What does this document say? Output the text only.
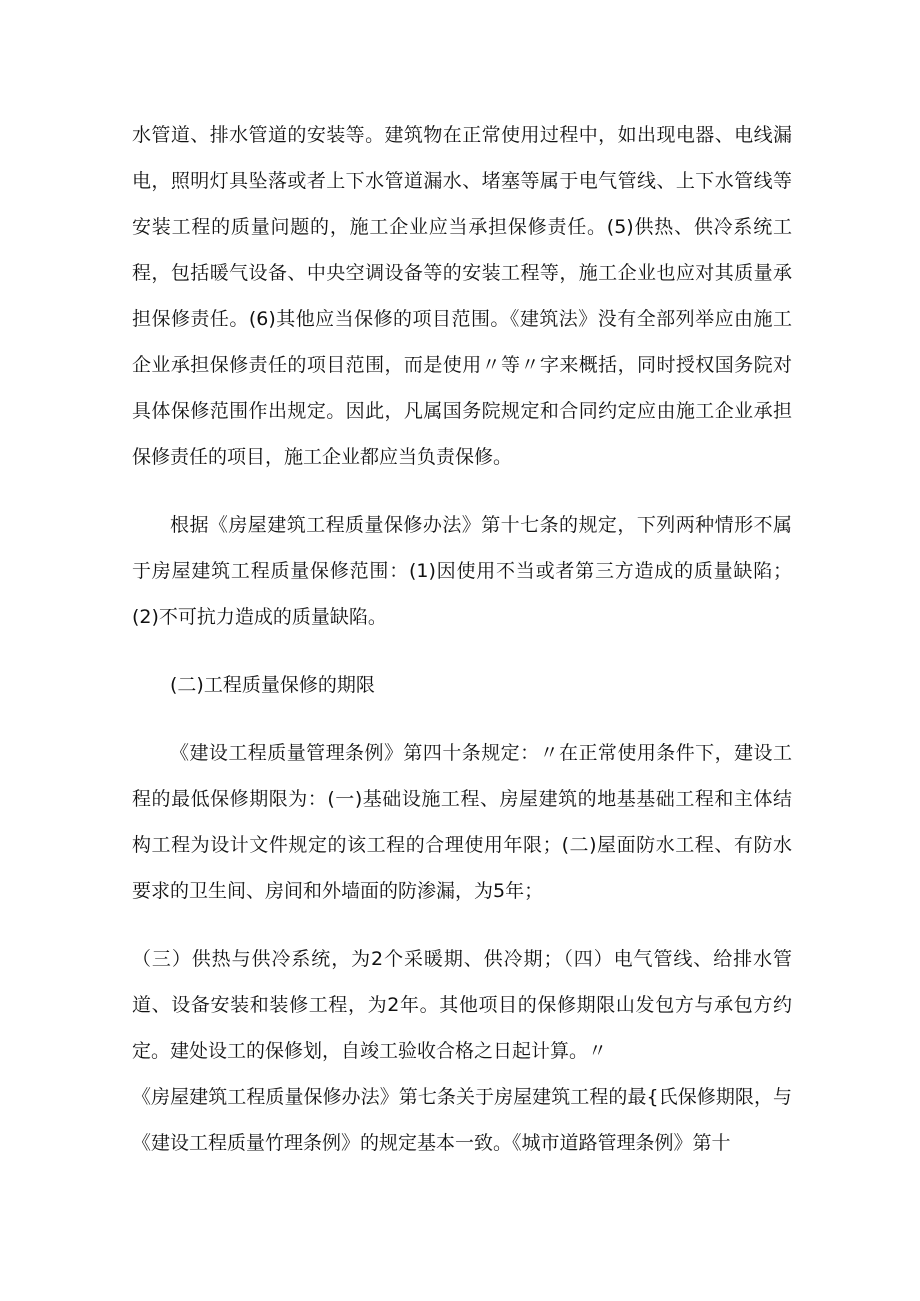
水管道、排水管道的安装等。建筑物在正常使用过程中，如出现电器、电线漏电，照明灯具坠落或者上下水管道漏水、堵塞等属于电气管线、上下水管线等安装工程的质量问题的，施工企业应当承担保修责任。(5)供热、供冷系统工程，包括暖气设备、中央空调设备等的安装工程等，施工企业也应对其质量承担保修责任。(6)其他应当保修的项目范围。《建筑法》没有全部列举应由施工企业承担保修责任的项目范围，而是使用〃等〃字来概括，同时授权国务院对具体保修范围作出规定。因此，凡属国务院规定和合同约定应由施工企业承担保修责任的项目，施工企业都应当负责保修。

根据《房屋建筑工程质量保修办法》第十七条的规定，下列两种情形不属于房屋建筑工程质量保修范围：(1)因使用不当或者第三方造成的质量缺陷；(2)不可抗力造成的质量缺陷。

(二)工程质量保修的期限

《建设工程质量管理条例》第四十条规定：〃在正常使用条件下，建设工程的最低保修期限为：(一)基础设施工程、房屋建筑的地基基础工程和主体结构工程为设计文件规定的该工程的合理使用年限；(二)屋面防水工程、有防水要求的卫生间、房间和外墙面的防渗漏，为5年；

（三）供热与供冷系统，为2个采暖期、供冷期；（四）电气管线、给排水管道、设备安装和装修工程，为2年。其他项目的保修期限山发包方与承包方约定。建处设工的保修划，自竣工验收合格之日起计算。〃

《房屋建筑工程质量保修办法》第七条关于房屋建筑工程的最{氏保修期限，与《建设工程质量竹理条例》的规定基本一致。《城市道路管理条例》第十
